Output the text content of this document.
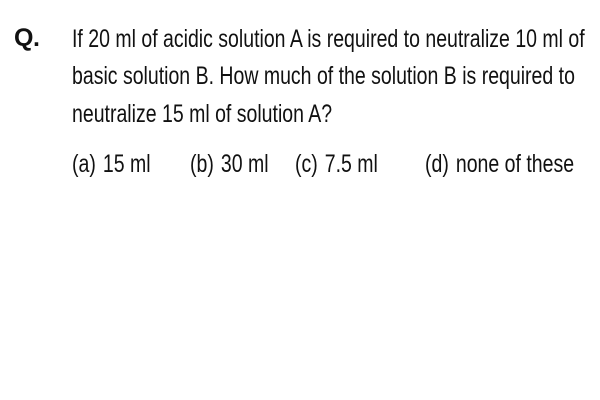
Q. If 20 ml of acidic solution A is required to neutralize 10 ml of
basic solution B. How much of the solution B is required to
neutralize 15 ml of solution A?
(a) 15 ml (b) 30 ml (c) 7.5 ml (d) none of these
